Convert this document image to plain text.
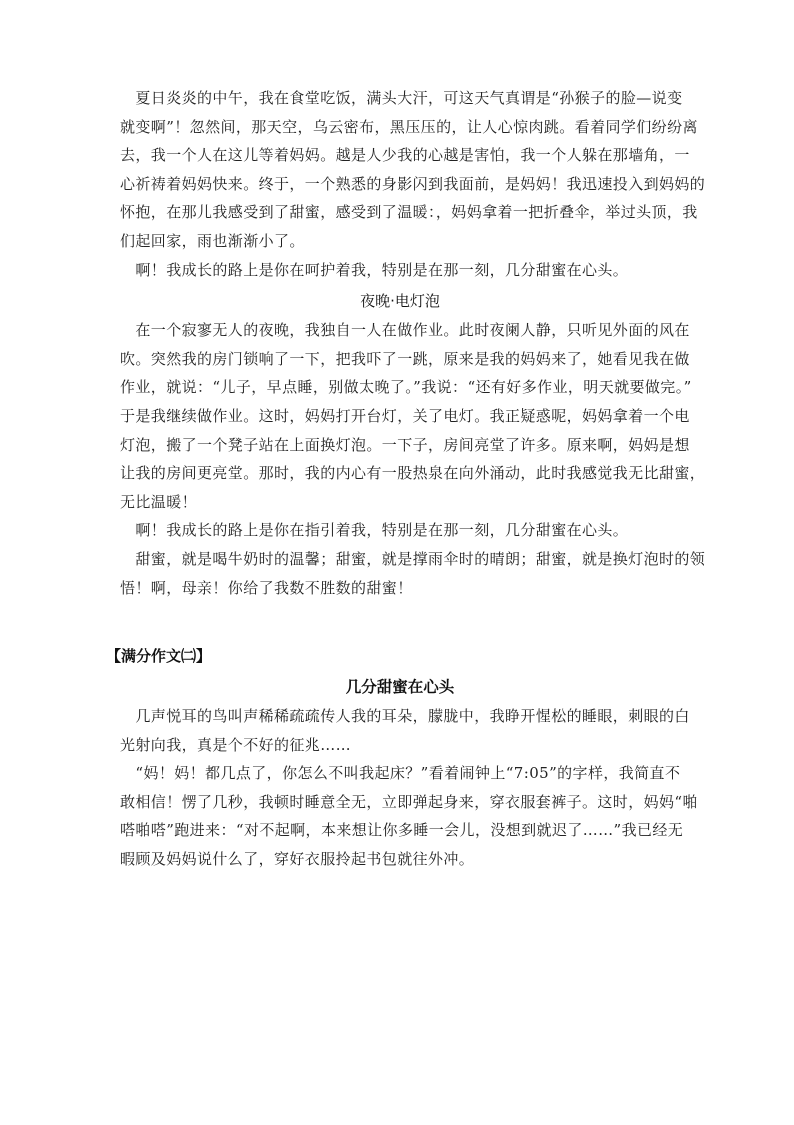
　夏日炎炎的中午，我在食堂吃饭，满头大汗，可这天气真谓是“孙猴子的脸—说变
就变啊”！忽然间，那天空，乌云密布，黑压压的，让人心惊肉跳。看着同学们纷纷离
去，我一个人在这儿等着妈妈。越是人少我的心越是害怕，我一个人躲在那墙角，一
心祈祷着妈妈快来。终于，一个熟悉的身影闪到我面前，是妈妈！我迅速投入到妈妈的
怀抱，在那儿我感受到了甜蜜，感受到了温暖：，妈妈拿着一把折叠伞，举过头顶，我
们起回家，雨也渐渐小了。

　啊！我成长的路上是你在呵护着我，特别是在那一刻，几分甜蜜在心头。

夜晚·电灯泡

　在一个寂寥无人的夜晚，我独自一人在做作业。此时夜阑人静，只听见外面的风在
吹。突然我的房门锁响了一下，把我吓了一跳，原来是我的妈妈来了，她看见我在做
作业，就说：“儿子，早点睡，别做太晚了。”我说：“还有好多作业，明天就要做完。”
于是我继续做作业。这时，妈妈打开台灯，关了电灯。我正疑惑呢，妈妈拿着一个电
灯泡，搬了一个凳子站在上面换灯泡。一下子，房间亮堂了许多。原来啊，妈妈是想
让我的房间更亮堂。那时，我的内心有一股热泉在向外涌动，此时我感觉我无比甜蜜，
无比温暖！

　啊！我成长的路上是你在指引着我，特别是在那一刻，几分甜蜜在心头。

　甜蜜，就是喝牛奶时的温馨；甜蜜，就是撑雨伞时的晴朗；甜蜜，就是换灯泡时的领
悟！啊，母亲！你给了我数不胜数的甜蜜！

【满分作文㈡】

几分甜蜜在心头

　几声悦耳的鸟叫声稀稀疏疏传人我的耳朵，朦胧中，我睁开惺松的睡眼，刺眼的白
光射向我，真是个不好的征兆……

　“妈！妈！都几点了，你怎么不叫我起床？”看着闹钟上“7:05”的字样，我简直不
敢相信！愣了几秒，我顿时睡意全无，立即弹起身来，穿衣服套裤子。这时，妈妈“啪
嗒啪嗒”跑进来：“对不起啊，本来想让你多睡一会儿，没想到就迟了……”我已经无
暇顾及妈妈说什么了，穿好衣服拎起书包就往外冲。
